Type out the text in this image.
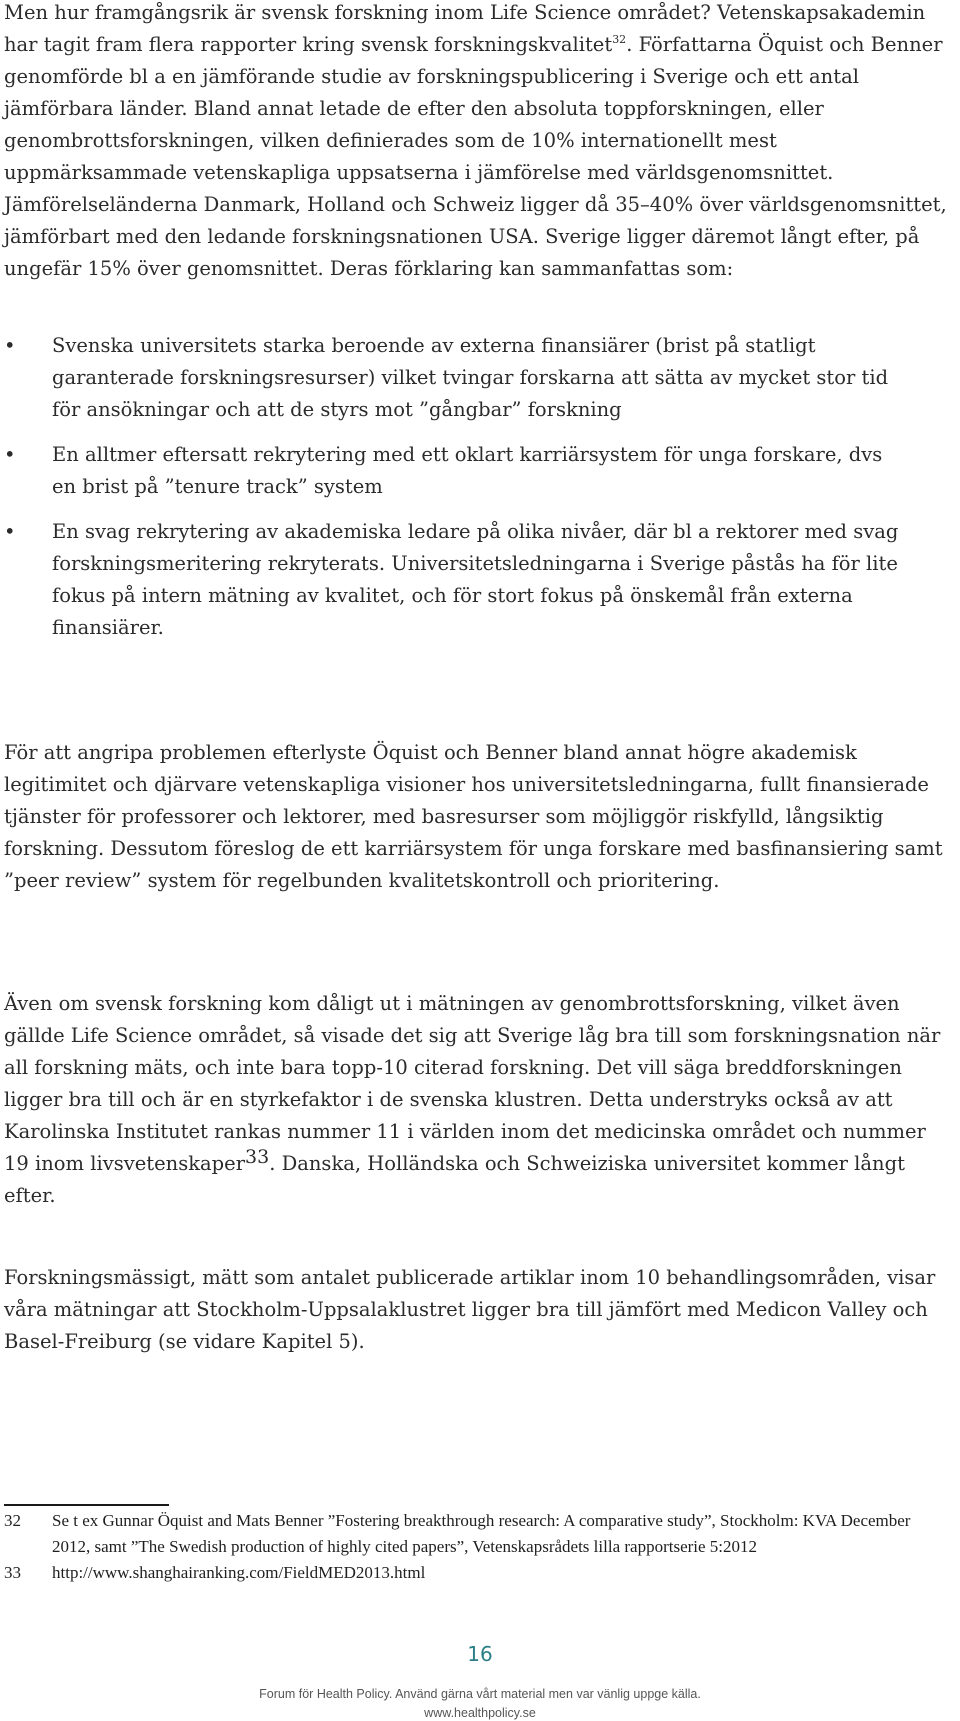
Men hur framgångsrik är svensk forskning inom Life Science området? Vetenskapsakademin har tagit fram flera rapporter kring svensk forskningskvalitet$^{32}$. Författarna Öquist och Benner genomförde bl a en jämförande studie av forskningspublicering i Sverige och ett antal jämförbara länder. Bland annat letade de efter den absoluta toppforskningen, eller genombrottsforskningen, vilken definierades som de 10% internationellt mest uppmärksammade vetenskapliga uppsatserna i jämförelse med världsgenomsnittet. Jämförelseländerna Danmark, Holland och Schweiz ligger då 35–40% över världsgenomsnittet, jämförbart med den ledande forskningsnationen USA. Sverige ligger däremot långt efter, på ungefär 15% över genomsnittet. Deras förklaring kan sammanfattas som:

• Svenska universitets starka beroende av externa finansiärer (brist på statligt garanterade forskningsresurser) vilket tvingar forskarna att sätta av mycket stor tid för ansökningar och att de styrs mot ”gångbar” forskning
• En alltmer eftersatt rekrytering med ett oklart karriärsystem för unga forskare, dvs en brist på ”tenure track” system
• En svag rekrytering av akademiska ledare på olika nivåer, där bl a rektorer med svag forskningsmeritering rekryterats. Universitetsledningarna i Sverige påstås ha för lite fokus på intern mätning av kvalitet, och för stort fokus på önskemål från externa finansiärer.

För att angripa problemen efterlyste Öquist och Benner bland annat högre akademisk legitimitet och djärvare vetenskapliga visioner hos universitetsledningarna, fullt finansierade tjänster för professorer och lektorer, med basresurser som möjliggör riskfylld, långsiktig forskning. Dessutom föreslog de ett karriärsystem för unga forskare med basfinansiering samt ”peer review” system för regelbunden kvalitetskontroll och prioritering.

Även om svensk forskning kom dåligt ut i mätningen av genombrottsforskning, vilket även gällde Life Science området, så visade det sig att Sverige låg bra till som forskningsnation när all forskning mäts, och inte bara topp-10 citerad forskning. Det vill säga breddforskningen ligger bra till och är en styrkefaktor i de svenska klustren. Detta understryks också av att Karolinska Institutet rankas nummer 11 i världen inom det medicinska området och nummer 19 inom livsvetenskaper$^{33}$. Danska, Holländska och Schweiziska universitet kommer långt efter.

Forskningsmässigt, mätt som antalet publicerade artiklar inom 10 behandlingsområden, visar våra mätningar att Stockholm-Uppsalaklustret ligger bra till jämfört med Medicon Valley och Basel-Freiburg (se vidare Kapitel 5).

32	Se t ex Gunnar Öquist and Mats Benner ”Fostering breakthrough research: A comparative study”, Stockholm: KVA December 2012, samt ”The Swedish production of highly cited papers”, Vetenskapsrådets lilla rapportserie 5:2012
33	http://www.shanghairanking.com/FieldMED2013.html
16
Forum för Health Policy. Använd gärna vårt material men var vänlig uppge källa.
www.healthpolicy.se
